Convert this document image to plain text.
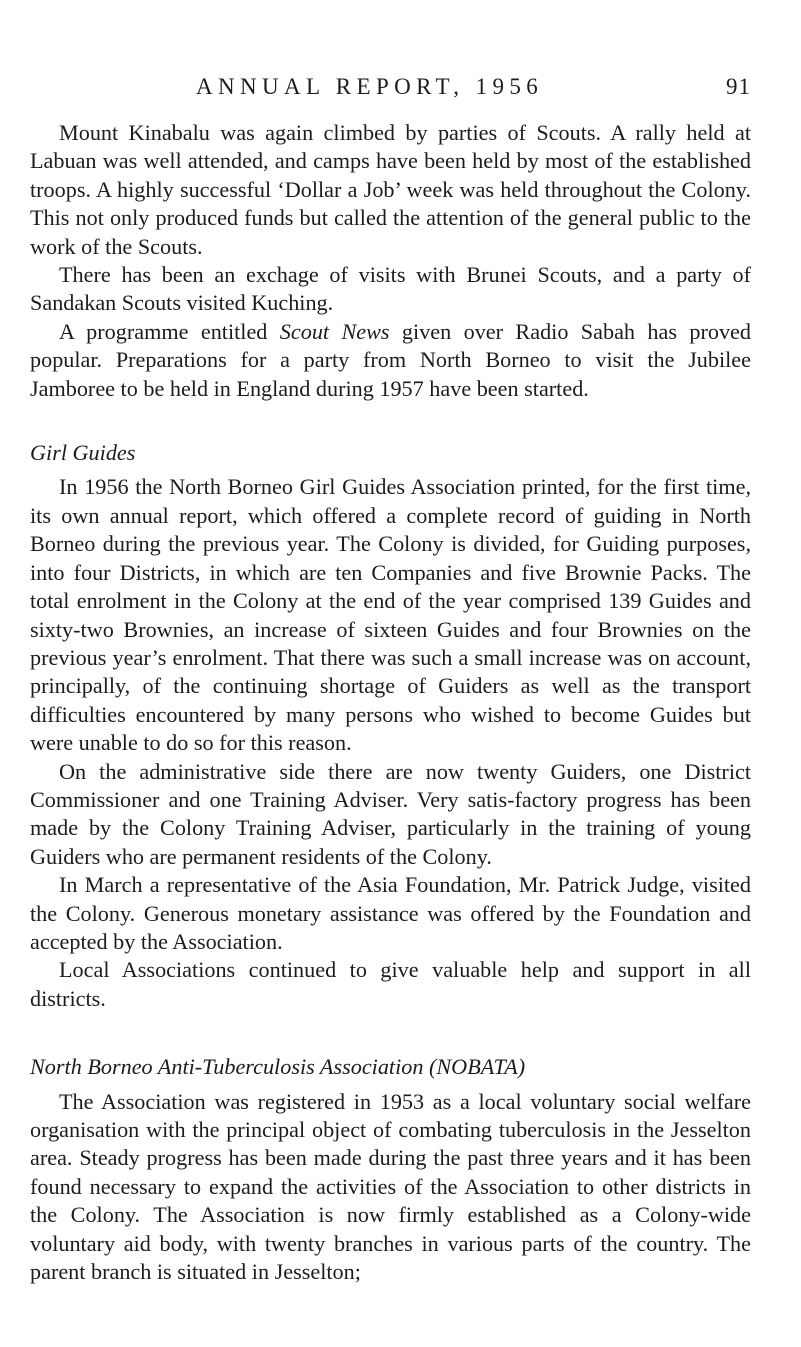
ANNUAL REPORT, 1956	91

Mount Kinabalu was again climbed by parties of Scouts. A rally held at Labuan was well attended, and camps have been held by most of the established troops. A highly successful ‘Dollar a Job’ week was held throughout the Colony. This not only produced funds but called the attention of the general public to the work of the Scouts.

There has been an exchage of visits with Brunei Scouts, and a party of Sandakan Scouts visited Kuching.

A programme entitled Scout News given over Radio Sabah has proved popular. Preparations for a party from North Borneo to visit the Jubilee Jamboree to be held in England during 1957 have been started.

Girl Guides

In 1956 the North Borneo Girl Guides Association printed, for the first time, its own annual report, which offered a complete record of guiding in North Borneo during the previous year. The Colony is divided, for Guiding purposes, into four Districts, in which are ten Companies and five Brownie Packs. The total enrolment in the Colony at the end of the year comprised 139 Guides and sixty-two Brownies, an increase of sixteen Guides and four Brownies on the previous year’s enrolment. That there was such a small increase was on account, principally, of the continuing shortage of Guiders as well as the transport difficulties encountered by many persons who wished to become Guides but were unable to do so for this reason.

On the administrative side there are now twenty Guiders, one District Commissioner and one Training Adviser. Very satis-factory progress has been made by the Colony Training Adviser, particularly in the training of young Guiders who are permanent residents of the Colony.

In March a representative of the Asia Foundation, Mr. Patrick Judge, visited the Colony. Generous monetary assistance was offered by the Foundation and accepted by the Association.

Local Associations continued to give valuable help and support in all districts.

North Borneo Anti-Tuberculosis Association (NOBATA)

The Association was registered in 1953 as a local voluntary social welfare organisation with the principal object of combating tuberculosis in the Jesselton area. Steady progress has been made during the past three years and it has been found necessary to expand the activities of the Association to other districts in the Colony. The Association is now firmly established as a Colony-wide voluntary aid body, with twenty branches in various parts of the country. The parent branch is situated in Jesselton;
